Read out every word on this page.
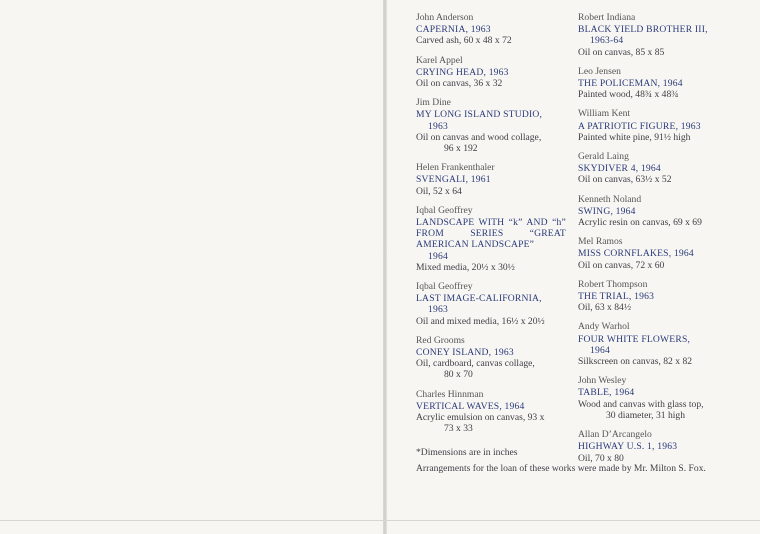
John Anderson
CAPERNIA, 1963
Carved ash, 60 x 48 x 72
Karel Appel
CRYING HEAD, 1963
Oil on canvas, 36 x 32
Jim Dine
MY LONG ISLAND STUDIO,
1963
Oil on canvas and wood collage,
96 x 192
Helen Frankenthaler
SVENGALI, 1961
Oil, 52 x 64
Iqbal Geoffrey
LANDSCAPE WITH “k” AND “h” FROM SERIES “GREAT AMERICAN LANDSCAPE”
1964
Mixed media, 20½ x 30½
Iqbal Geoffrey
LAST IMAGE-CALIFORNIA,
1963
Oil and mixed media, 16½ x 20½
Red Grooms
CONEY ISLAND, 1963
Oil, cardboard, canvas collage,
80 x 70
Charles Hinnman
VERTICAL WAVES, 1964
Acrylic emulsion on canvas, 93 x
73 x 33
Robert Indiana
BLACK YIELD BROTHER III,
1963-64
Oil on canvas, 85 x 85
Leo Jensen
THE POLICEMAN, 1964
Painted wood, 48¾ x 48¾
William Kent
A PATRIOTIC FIGURE, 1963
Painted white pine, 91½ high
Gerald Laing
SKYDIVER 4, 1964
Oil on canvas, 63½ x 52
Kenneth Noland
SWING, 1964
Acrylic resin on canvas, 69 x 69
Mel Ramos
MISS CORNFLAKES, 1964
Oil on canvas, 72 x 60
Robert Thompson
THE TRIAL, 1963
Oil, 63 x 84½
Andy Warhol
FOUR WHITE FLOWERS,
1964
Silkscreen on canvas, 82 x 82
John Wesley
TABLE, 1964
Wood and canvas with glass top,
30 diameter, 31 high
Allan D’Arcangelo
HIGHWAY U.S. 1, 1963
Oil, 70 x 80
*Dimensions are in inches
Arrangements for the loan of these works were made by Mr. Milton S. Fox.
